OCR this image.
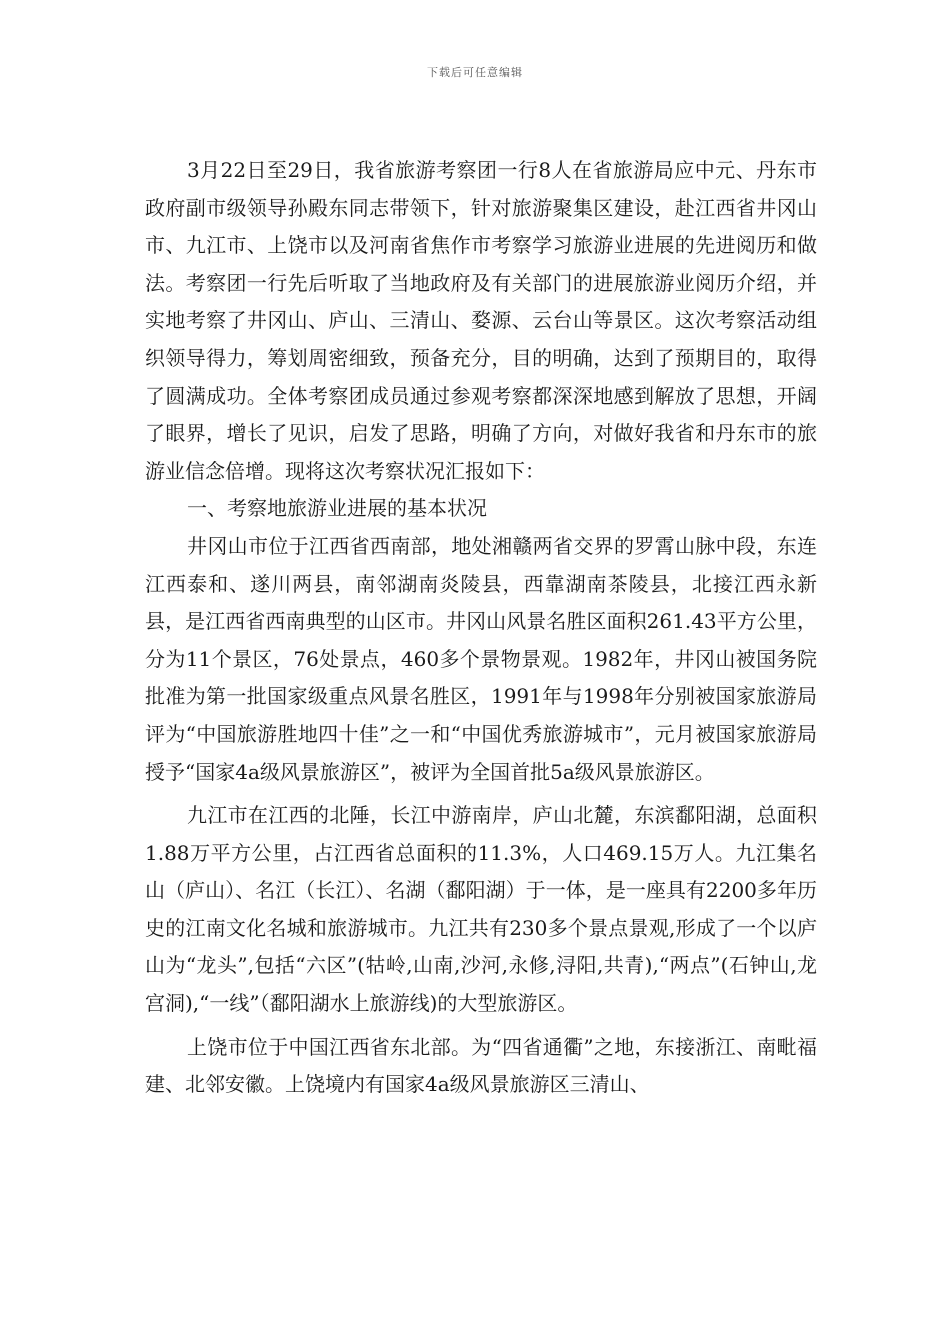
下载后可任意编辑

3月22日至29日，我省旅游考察团一行8人在省旅游局应中元、丹东市政府副市级领导孙殿东同志带领下，针对旅游聚集区建设，赴江西省井冈山市、九江市、上饶市以及河南省焦作市考察学习旅游业进展的先进阅历和做法。考察团一行先后听取了当地政府及有关部门的进展旅游业阅历介绍，并实地考察了井冈山、庐山、三清山、婺源、云台山等景区。这次考察活动组织领导得力，筹划周密细致，预备充分，目的明确，达到了预期目的，取得了圆满成功。全体考察团成员通过参观考察都深深地感到解放了思想，开阔了眼界，增长了见识，启发了思路，明确了方向，对做好我省和丹东市的旅游业信念倍增。现将这次考察状况汇报如下：

一、考察地旅游业进展的基本状况

井冈山市位于江西省西南部，地处湘赣两省交界的罗霄山脉中段，东连江西泰和、遂川两县，南邻湖南炎陵县，西靠湖南茶陵县，北接江西永新县，是江西省西南典型的山区市。井冈山风景名胜区面积261.43平方公里，分为11个景区，76处景点，460多个景物景观。1982年，井冈山被国务院批准为第一批国家级重点风景名胜区，1991年与1998年分别被国家旅游局评为“中国旅游胜地四十佳”之一和“中国优秀旅游城市”，元月被国家旅游局授予“国家4a级风景旅游区”，被评为全国首批5a级风景旅游区。

九江市在江西的北陲，长江中游南岸，庐山北麓，东滨鄱阳湖，总面积1.88万平方公里，占江西省总面积的11.3%，人口469.15万人。九江集名山（庐山）、名江（长江）、名湖（鄱阳湖）于一体，是一座具有2200多年历史的江南文化名城和旅游城市。九江共有230多个景点景观,形成了一个以庐山为“龙头”,包括“六区”(牯岭,山南,沙河,永修,浔阳,共青),“两点”(石钟山,龙宫洞),“一线”（鄱阳湖水上旅游线)的大型旅游区。

上饶市位于中国江西省东北部。为“四省通衢”之地，东接浙江、南毗福建、北邻安徽。上饶境内有国家4a级风景旅游区三清山、
